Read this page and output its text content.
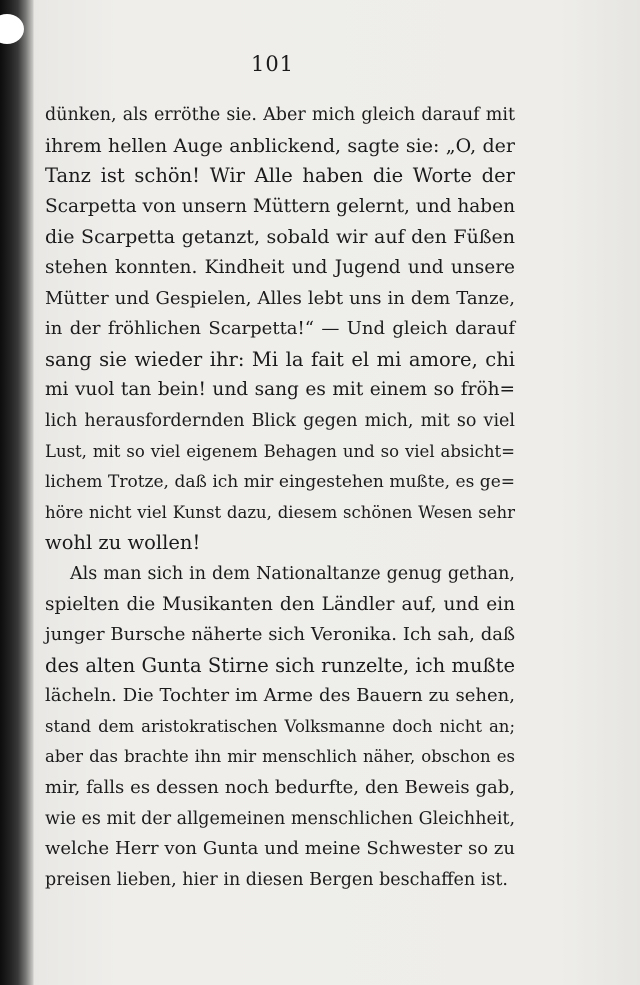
101
dünken, als erröthe sie. Aber mich gleich darauf mit
ihrem hellen Auge anblickend, sagte sie: „O, der
Tanz ist schön! Wir Alle haben die Worte der
Scarpetta von unsern Müttern gelernt, und haben
die Scarpetta getanzt, sobald wir auf den Füßen
stehen konnten. Kindheit und Jugend und unsere
Mütter und Gespielen, Alles lebt uns in dem Tanze,
in der fröhlichen Scarpetta!“ — Und gleich darauf
sang sie wieder ihr: Mi la fait el mi amore, chi
mi vuol tan bein! und sang es mit einem so fröh=
lich herausfordernden Blick gegen mich, mit so viel
Lust, mit so viel eigenem Behagen und so viel absicht=
lichem Trotze, daß ich mir eingestehen mußte, es ge=
höre nicht viel Kunst dazu, diesem schönen Wesen sehr
wohl zu wollen!
Als man sich in dem Nationaltanze genug gethan,
spielten die Musikanten den Ländler auf, und ein
junger Bursche näherte sich Veronika. Ich sah, daß
des alten Gunta Stirne sich runzelte, ich mußte
lächeln. Die Tochter im Arme des Bauern zu sehen,
stand dem aristokratischen Volksmanne doch nicht an;
aber das brachte ihn mir menschlich näher, obschon es
mir, falls es dessen noch bedurfte, den Beweis gab,
wie es mit der allgemeinen menschlichen Gleichheit,
welche Herr von Gunta und meine Schwester so zu
preisen lieben, hier in diesen Bergen beschaffen ist.
